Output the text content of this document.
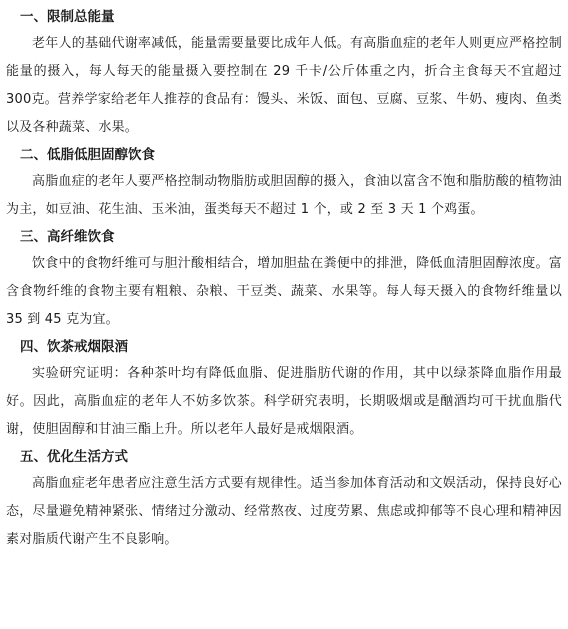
一、限制总能量

老年人的基础代谢率减低，能量需要量要比成年人低。有高脂血症的老年人则更应严格控制能量的摄入，每人每天的能量摄入要控制在 29 千卡/公斤体重之内，折合主食每天不宜超过 300克。营养学家给老年人推荐的食品有：馒头、米饭、面包、豆腐、豆浆、牛奶、瘦肉、鱼类以及各种蔬菜、水果。

二、低脂低胆固醇饮食

高脂血症的老年人要严格控制动物脂肪或胆固醇的摄入，食油以富含不饱和脂肪酸的植物油为主，如豆油、花生油、玉米油，蛋类每天不超过 1 个，或 2 至 3 天 1 个鸡蛋。

三、高纤维饮食

饮食中的食物纤维可与胆汁酸相结合，增加胆盐在粪便中的排泄，降低血清胆固醇浓度。富含食物纤维的食物主要有粗粮、杂粮、干豆类、蔬菜、水果等。每人每天摄入的食物纤维量以 35 到 45 克为宜。

四、饮茶戒烟限酒

实验研究证明：各种茶叶均有降低血脂、促进脂肪代谢的作用，其中以绿茶降血脂作用最好。因此，高脂血症的老年人不妨多饮茶。科学研究表明，长期吸烟或是酗酒均可干扰血脂代谢，使胆固醇和甘油三酯上升。所以老年人最好是戒烟限酒。

五、优化生活方式

高脂血症老年患者应注意生活方式要有规律性。适当参加体育活动和文娱活动，保持良好心态，尽量避免精神紧张、情绪过分激动、经常熬夜、过度劳累、焦虑或抑郁等不良心理和精神因素对脂质代谢产生不良影响。
